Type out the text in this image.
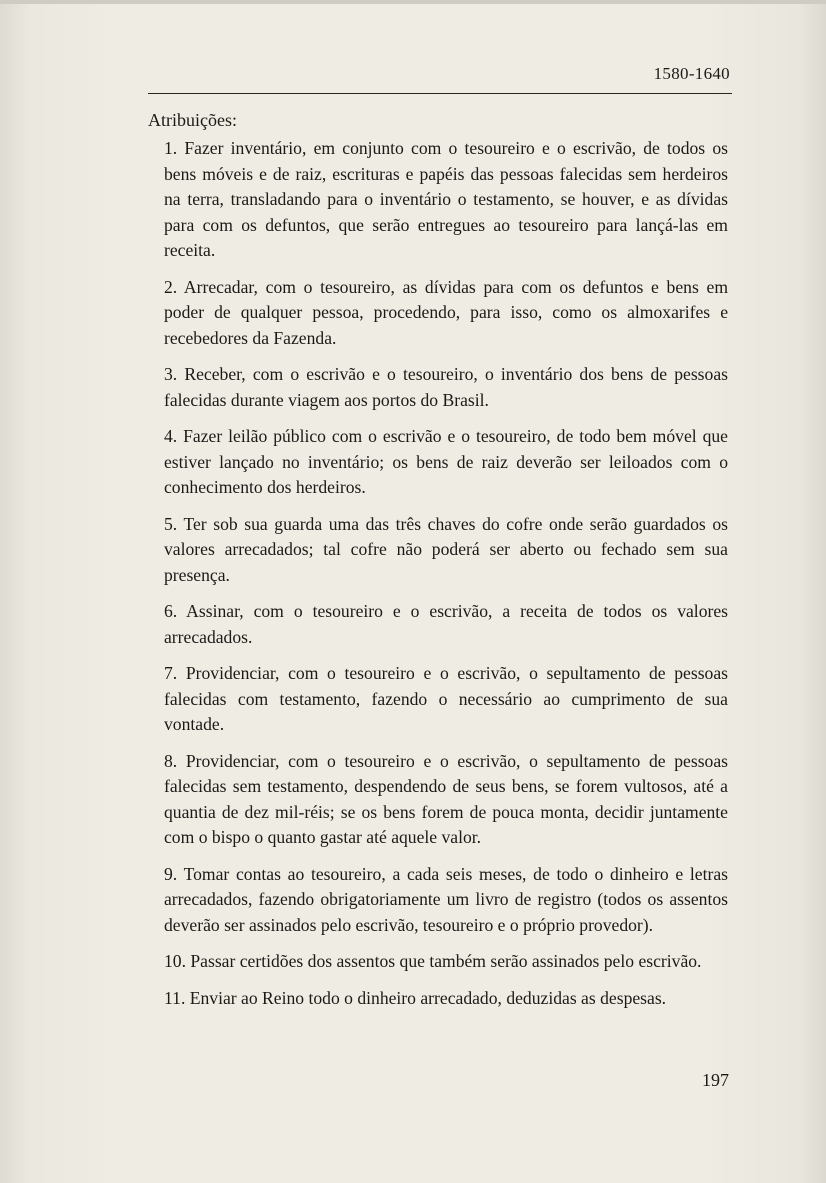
1580-1640
Atribuições:

1. Fazer inventário, em conjunto com o tesoureiro e o escrivão, de todos os bens móveis e de raiz, escrituras e papéis das pessoas falecidas sem herdeiros na terra, transladando para o inventário o testamento, se houver, e as dívidas para com os defuntos, que serão entregues ao tesoureiro para lançá-las em receita.

2. Arrecadar, com o tesoureiro, as dívidas para com os defuntos e bens em poder de qualquer pessoa, procedendo, para isso, como os almoxarifes e recebedores da Fazenda.

3. Receber, com o escrivão e o tesoureiro, o inventário dos bens de pessoas falecidas durante viagem aos portos do Brasil.

4. Fazer leilão público com o escrivão e o tesoureiro, de todo bem móvel que estiver lançado no inventário; os bens de raiz deverão ser leiloados com o conhecimento dos herdeiros.

5. Ter sob sua guarda uma das três chaves do cofre onde serão guardados os valores arrecadados; tal cofre não poderá ser aberto ou fechado sem sua presença.

6. Assinar, com o tesoureiro e o escrivão, a receita de todos os valores arrecadados.

7. Providenciar, com o tesoureiro e o escrivão, o sepultamento de pessoas falecidas com testamento, fazendo o necessário ao cumprimento de sua vontade.

8. Providenciar, com o tesoureiro e o escrivão, o sepultamento de pessoas falecidas sem testamento, despendendo de seus bens, se forem vultosos, até a quantia de dez mil-réis; se os bens forem de pouca monta, decidir juntamente com o bispo o quanto gastar até aquele valor.

9. Tomar contas ao tesoureiro, a cada seis meses, de todo o dinheiro e letras arrecadados, fazendo obrigatoriamente um livro de registro (todos os assentos deverão ser assinados pelo escrivão, tesoureiro e o próprio provedor).

10. Passar certidões dos assentos que também serão assinados pelo escrivão.

11. Enviar ao Reino todo o dinheiro arrecadado, deduzidas as despesas.

197
